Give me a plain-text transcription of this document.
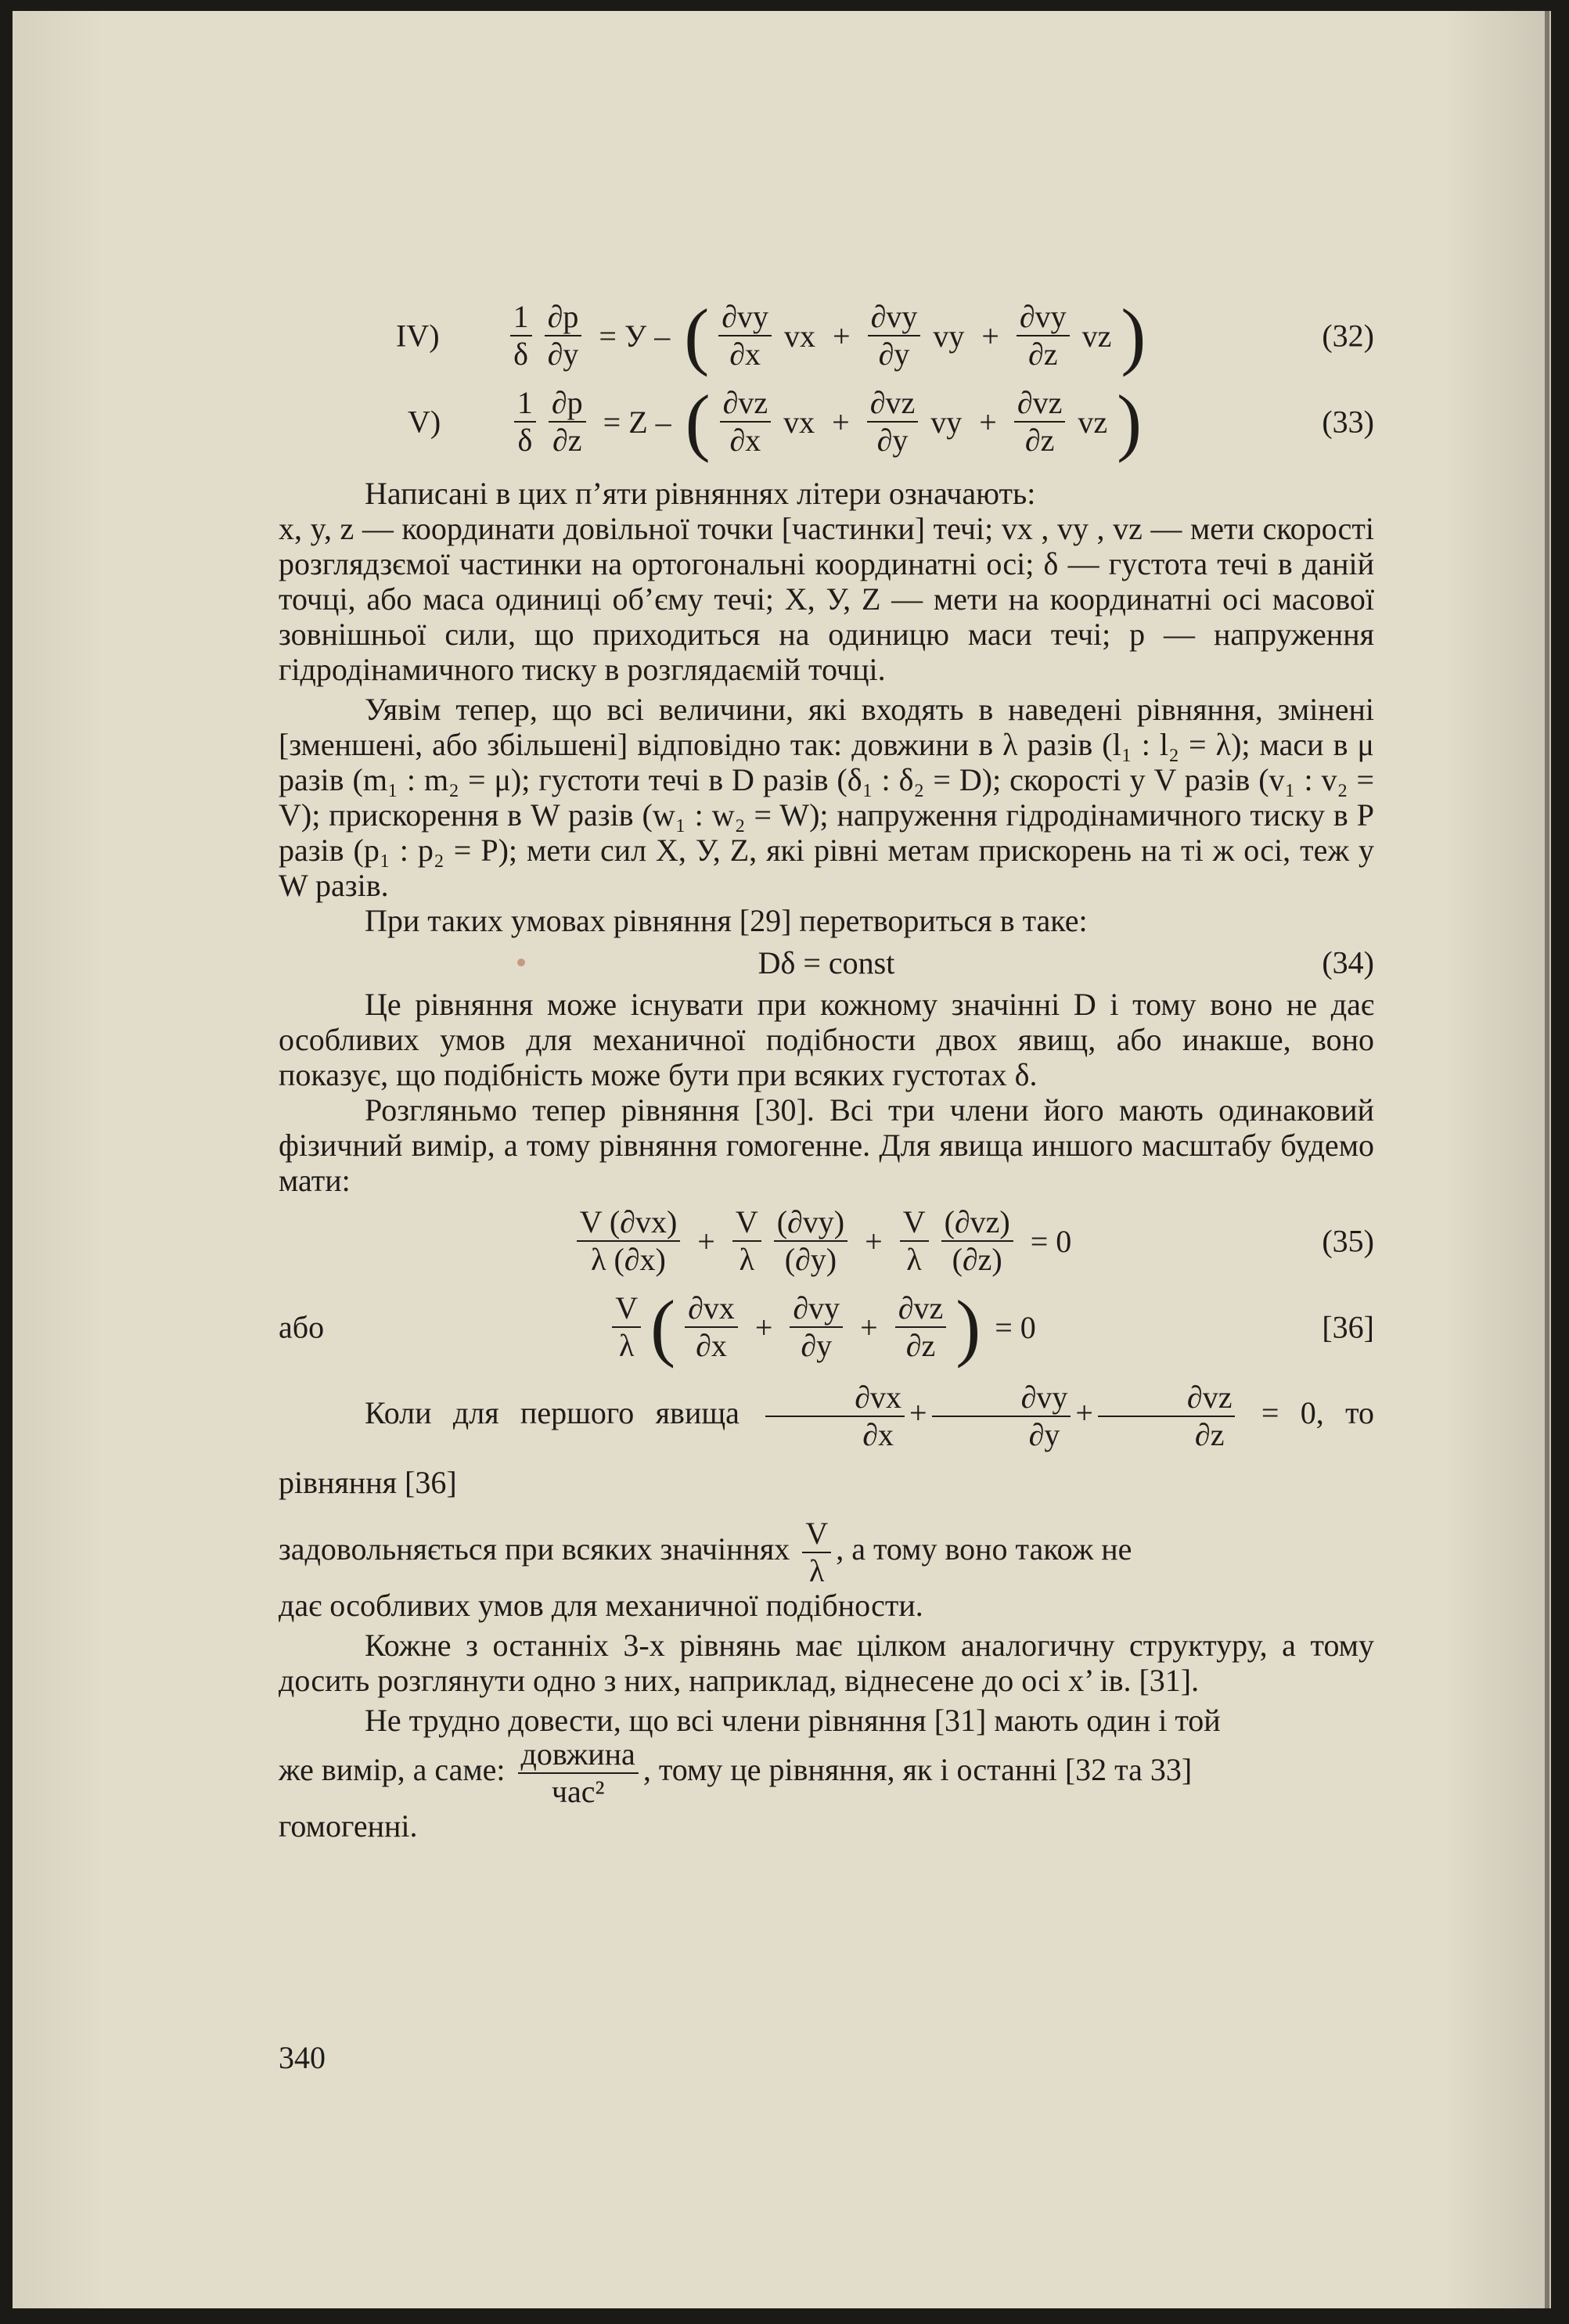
$IV) \frac{1}{\delta} \frac{\partial p}{\partial y} = У$ – ( $\frac{\partial vy}{\partial x}$ vx + $\frac{\partial vy}{\partial y}$ vy + $\frac{\partial vy}{\partial z}$ vz )	(32)
$V) \frac{1}{\delta} \frac{\partial p}{\partial z} = Z$ – ( $\frac{\partial vz}{\partial x}$ vx + $\frac{\partial vz}{\partial y}$ vy + $\frac{\partial vz}{\partial z}$ vz )	(33)

Написані в цих п’яти рівняннях літери означають:

x, y, z — координати довільної точки [частинки] течі; vx , vy , vz — мети скорості розглядзємої частинки на ортогональні координатні осі; δ — густота течі в даній точці, або маса одиниці об’єму течі; X, У, Z — мети на координатні осі масової зовнішньої сили, що приходиться на одиницю маси течі; p — напруження гідродінамичного тиску в розглядаємій точці.

Уявім тепер, що всі величини, які входять в наведені рівняння, змінені [зменшені, або збільшені] відповідно так: довжини в λ разів (l₁ : l₂ = λ); маси в μ разів (m₁ : m₂ = μ); густоти течі в D разів (δ₁ : δ₂ = D); скорості у V разів (v₁ : v₂ = V); прискорення в W разів (w₁ : w₂ = W); напруження гідродінамичного тиску в P разів (p₁ : p₂ = P); мети сил X, У, Z, які рівні метам прискорень на ті ж осі, теж у W разів.

При таких умовах рівняння [29] перетвориться в таке:

Dδ = const	(34)

Це рівняння може існувати при кожному значінні D і тому воно не дає особливих умов для механичної подібности двох явищ, або инакше, воно показує, що подібність може бути при всяких густотах δ.

Розгляньмо тепер рівняння [30]. Всі три члени його мають одинаковий фізичний вимір, а тому рівняння гомогенне. Для явища иншого масштабу будемо мати:

$\frac{V (\partial vx)}{\lambda (\partial x)} + \frac{V}{\lambda} \frac{(\partial vy)}{(\partial y)} + \frac{V}{\lambda} \frac{(\partial vz)}{(\partial z)} = 0$	(35)
або	$\frac{V}{\lambda}$ ( $\frac{\partial vx}{\partial x} + \frac{\partial vy}{\partial y} + \frac{\partial vz}{\partial z}$ ) = 0	[36]

Коли для першого явища $\frac{\partial vx}{\partial x} + \frac{\partial vy}{\partial y} + \frac{\partial vz}{\partial z} = 0$, то рівняння [36]

задовольняється при всяких значіннях $\frac{V}{\lambda}$ , а тому воно також не

дає особливих умов для механичної подібности.

Кожне з останніх 3-х рівнянь має цілком аналогичну структуру, а тому досить розглянути одно з них, наприклад, віднесене до осі x’ ів. [31].

Не трудно довести, що всі члени рівняння [31] мають один і той

же вимір, а саме: $\frac{\text{довжина}}{\text{час²}}$ , тому це рівняння, як і останні [32 та 33]

гомогенні.

340
